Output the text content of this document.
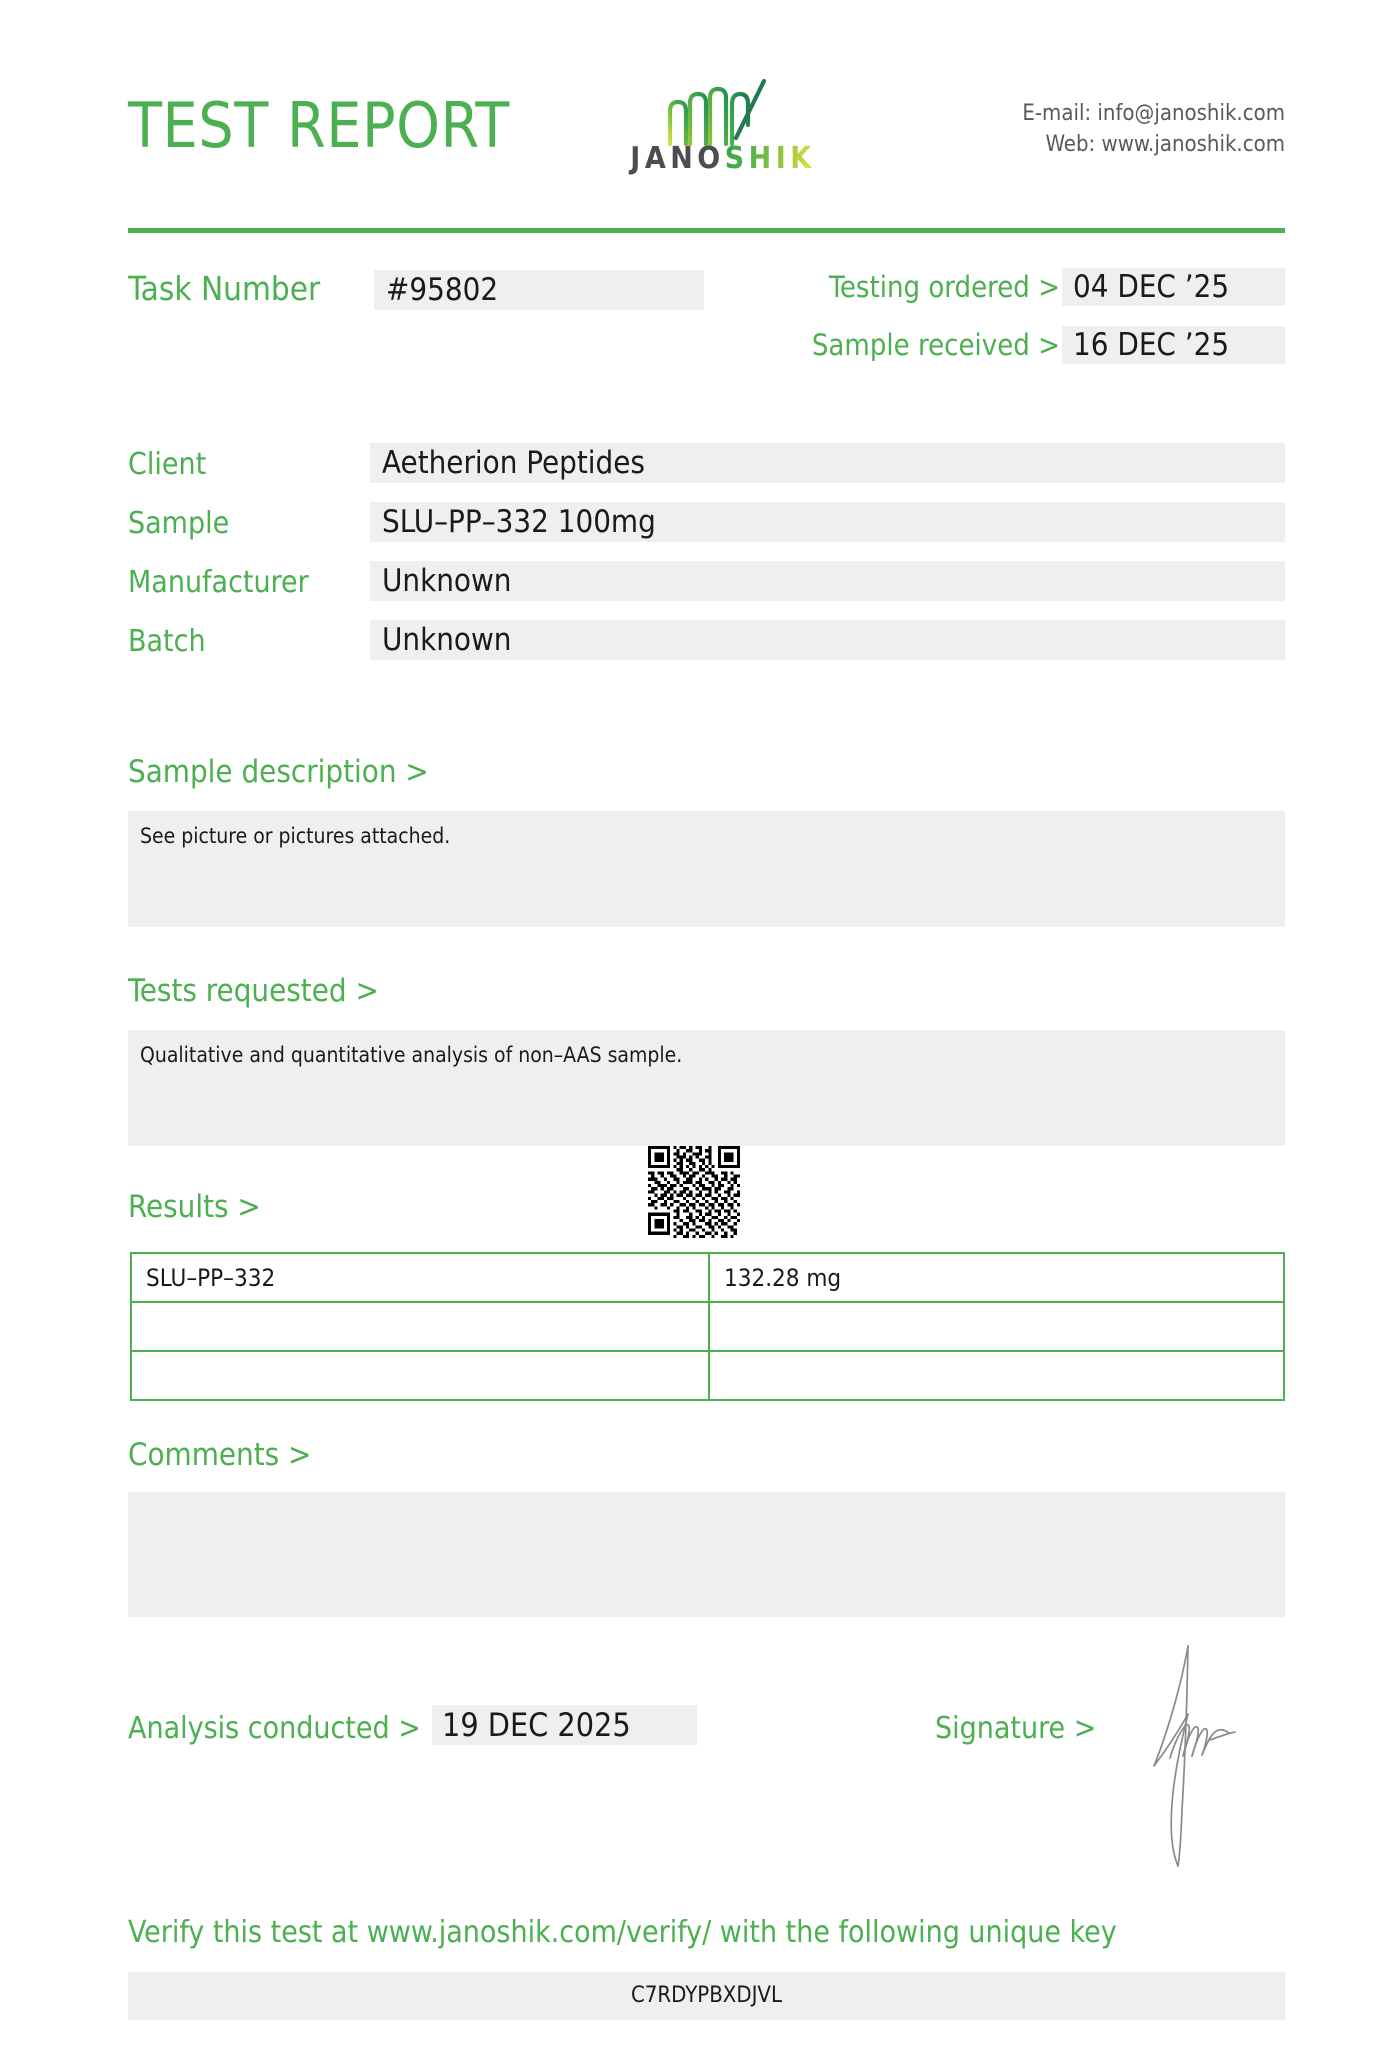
TEST REPORT	JANOSHIK
E-mail: info@janoshik.com
Web: www.janoshik.com
Task Number	#95802	Testing ordered > 04 DEC ’25
Sample received > 16 DEC ’25
Client	Aetherion Peptides
Sample	SLU–PP–332 100mg
Manufacturer	Unknown
Batch	Unknown
Sample description >
See picture or pictures attached.
Tests requested >
Qualitative and quantitative analysis of non–AAS sample.
Results >
SLU–PP–332	132.28 mg

Comments >
Analysis conducted > 19 DEC 2025	Signature >
Verify this test at www.janoshik.com/verify/ with the following unique key
C7RDYPBXDJVL
